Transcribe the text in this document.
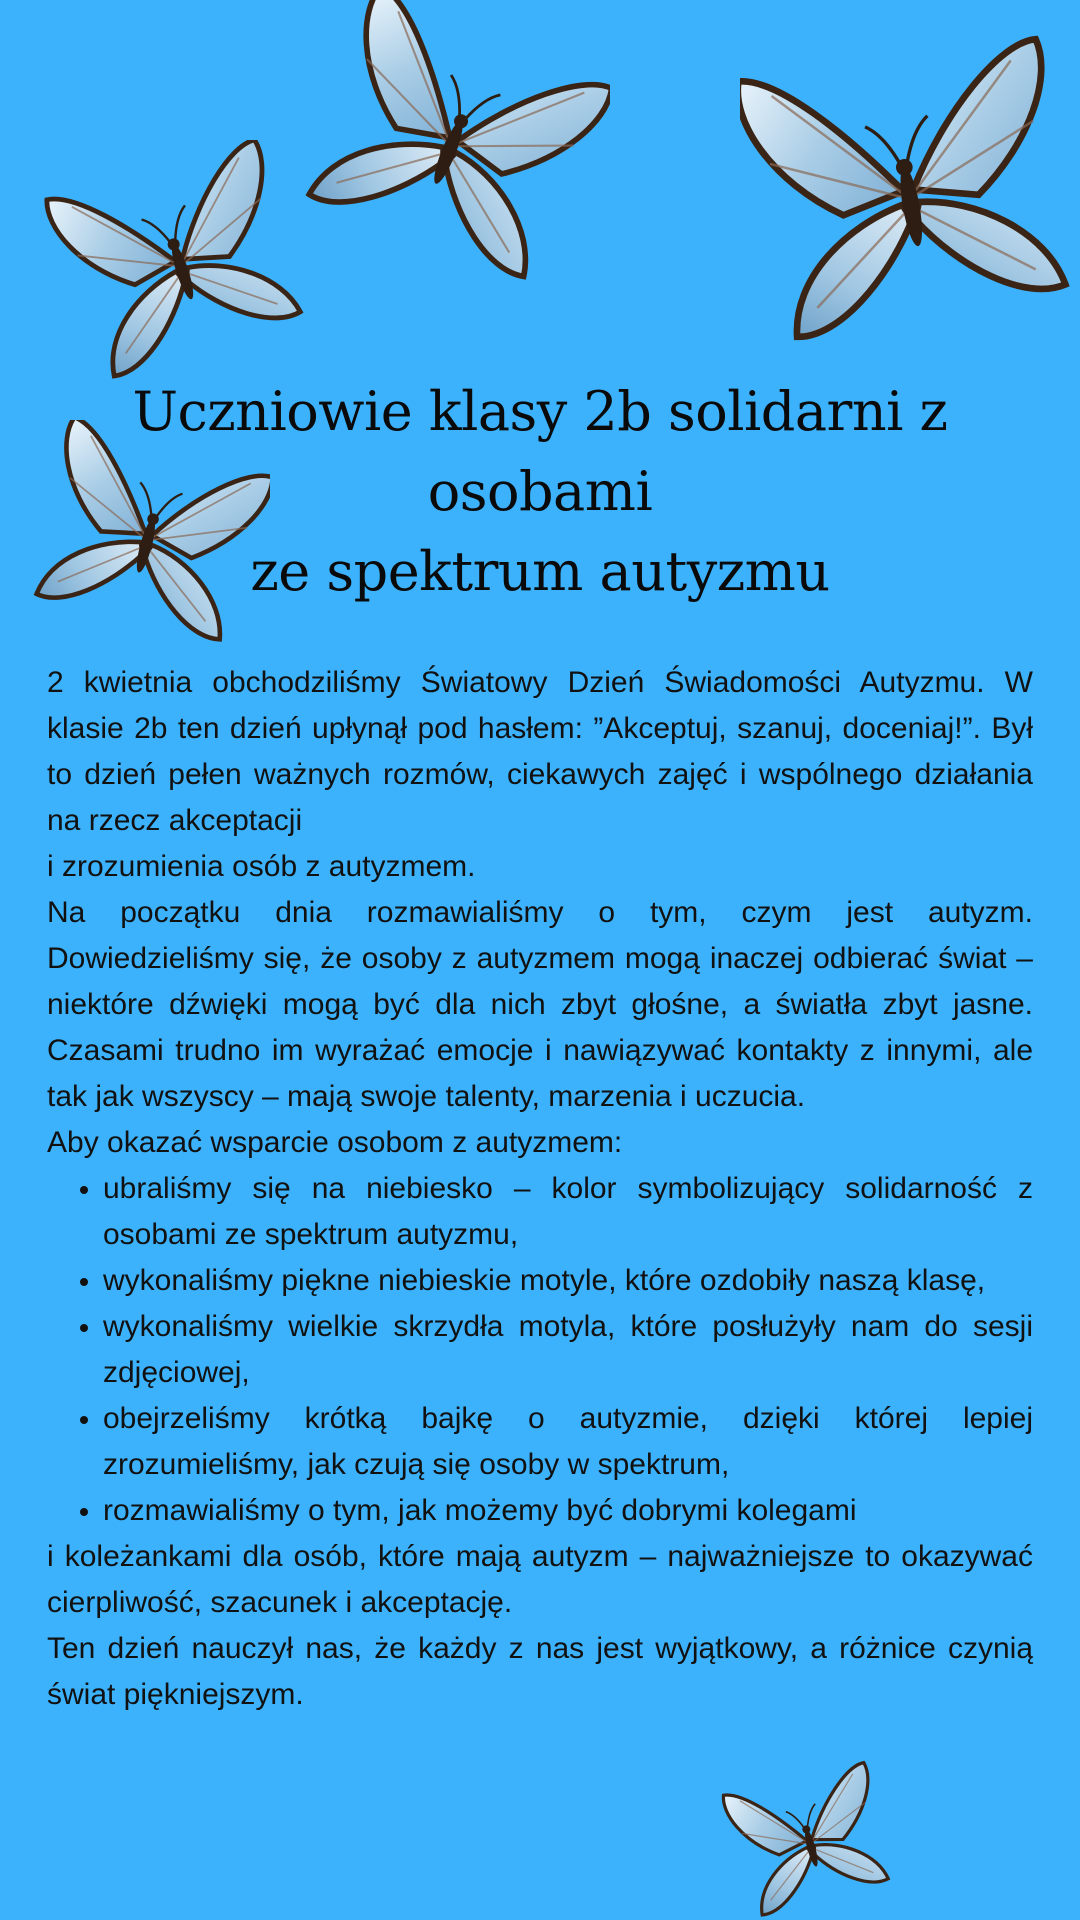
Uczniowie klasy 2b solidarni z osobami
ze spektrum autyzmu

2 kwietnia obchodziliśmy Światowy Dzień Świadomości Autyzmu. W klasie 2b ten dzień upłynął pod hasłem: ”Akceptuj, szanuj, doceniaj!”. Był to dzień pełen ważnych rozmów, ciekawych zajęć i wspólnego działania na rzecz akceptacji
i zrozumienia osób z autyzmem.

Na początku dnia rozmawialiśmy o tym, czym jest autyzm. Dowiedzieliśmy się, że osoby z autyzmem mogą inaczej odbierać świat – niektóre dźwięki mogą być dla nich zbyt głośne, a światła zbyt jasne. Czasami trudno im wyrażać emocje i nawiązywać kontakty z innymi, ale tak jak wszyscy – mają swoje talenty, marzenia i uczucia.

Aby okazać wsparcie osobom z autyzmem:

• ubraliśmy się na niebiesko – kolor symbolizujący solidarność z osobami ze spektrum autyzmu,
• wykonaliśmy piękne niebieskie motyle, które ozdobiły naszą klasę,
• wykonaliśmy wielkie skrzydła motyla, które posłużyły nam do sesji zdjęciowej,
• obejrzeliśmy krótką bajkę o autyzmie, dzięki której lepiej zrozumieliśmy, jak czują się osoby w spektrum,
• rozmawialiśmy o tym, jak możemy być dobrymi kolegami

i koleżankami dla osób, które mają autyzm – najważniejsze to okazywać cierpliwość, szacunek i akceptację.

Ten dzień nauczył nas, że każdy z nas jest wyjątkowy, a różnice czynią świat piękniejszym.
